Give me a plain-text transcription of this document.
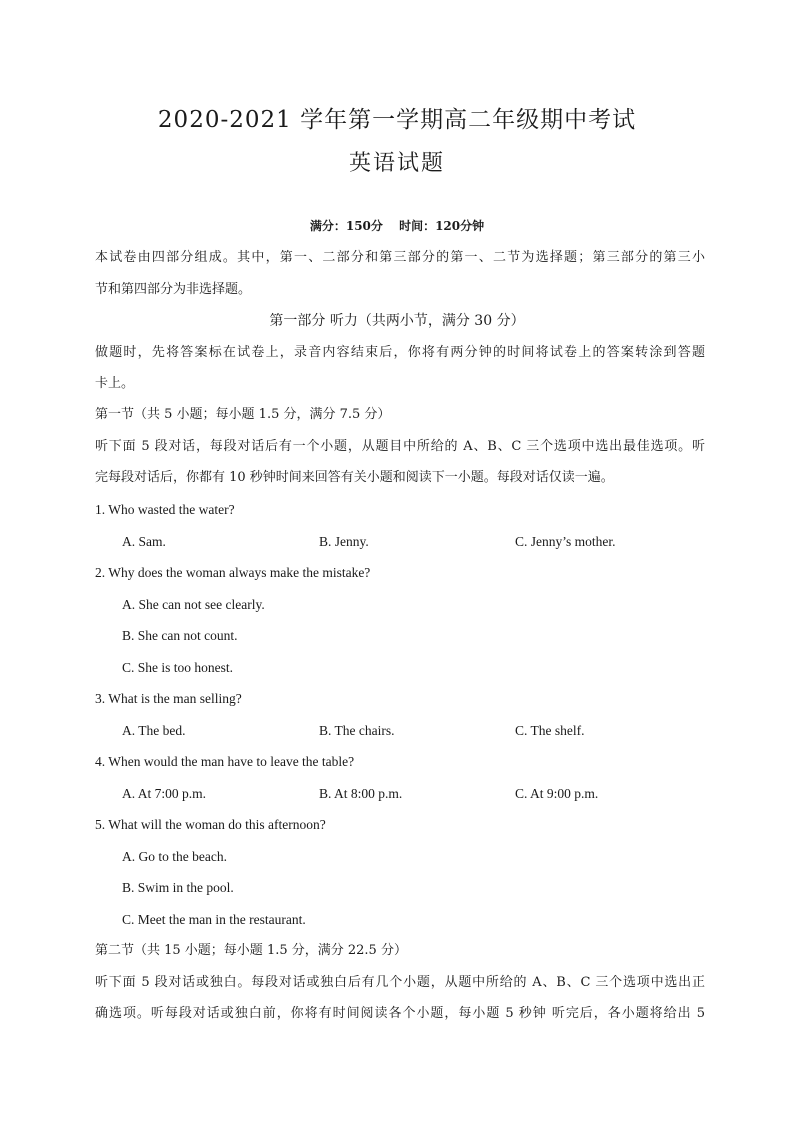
2020-2021 学年第一学期高二年级期中考试
英语试题
满分：150分　 时间：120分钟
本试卷由四部分组成。其中，第一、二部分和第三部分的第一、二节为选择题；第三部分的第三小
节和第四部分为非选择题。
第一部分 听力（共两小节，满分 30 分）
做题时，先将答案标在试卷上，录音内容结束后，你将有两分钟的时间将试卷上的答案转涂到答题
卡上。
第一节（共 5 小题；每小题 1.5 分，满分 7.5 分）
听下面 5 段对话，每段对话后有一个小题，从题目中所给的 A、B、C 三个选项中选出最佳选项。听
完每段对话后，你都有 10 秒钟时间来回答有关小题和阅读下一小题。每段对话仅读一遍。
1. Who wasted the water?
A. Sam.	B. Jenny.	C. Jenny’s mother.
2. Why does the woman always make the mistake?
A. She can not see clearly.
B. She can not count.
C. She is too honest.
3. What is the man selling?
A. The bed.	B. The chairs.	C. The shelf.
4. When would the man have to leave the table?
A. At 7:00 p.m.	B. At 8:00 p.m.	C. At 9:00 p.m.
5. What will the woman do this afternoon?
A. Go to the beach.
B. Swim in the pool.
C. Meet the man in the restaurant.
第二节（共 15 小题；每小题 1.5 分，满分 22.5 分）
听下面 5 段对话或独白。每段对话或独白后有几个小题，从题中所给的 A、B、C 三个选项中选出正
确选项。听每段对话或独白前，你将有时间阅读各个小题，每小题 5 秒钟 听完后，各小题将给出 5
